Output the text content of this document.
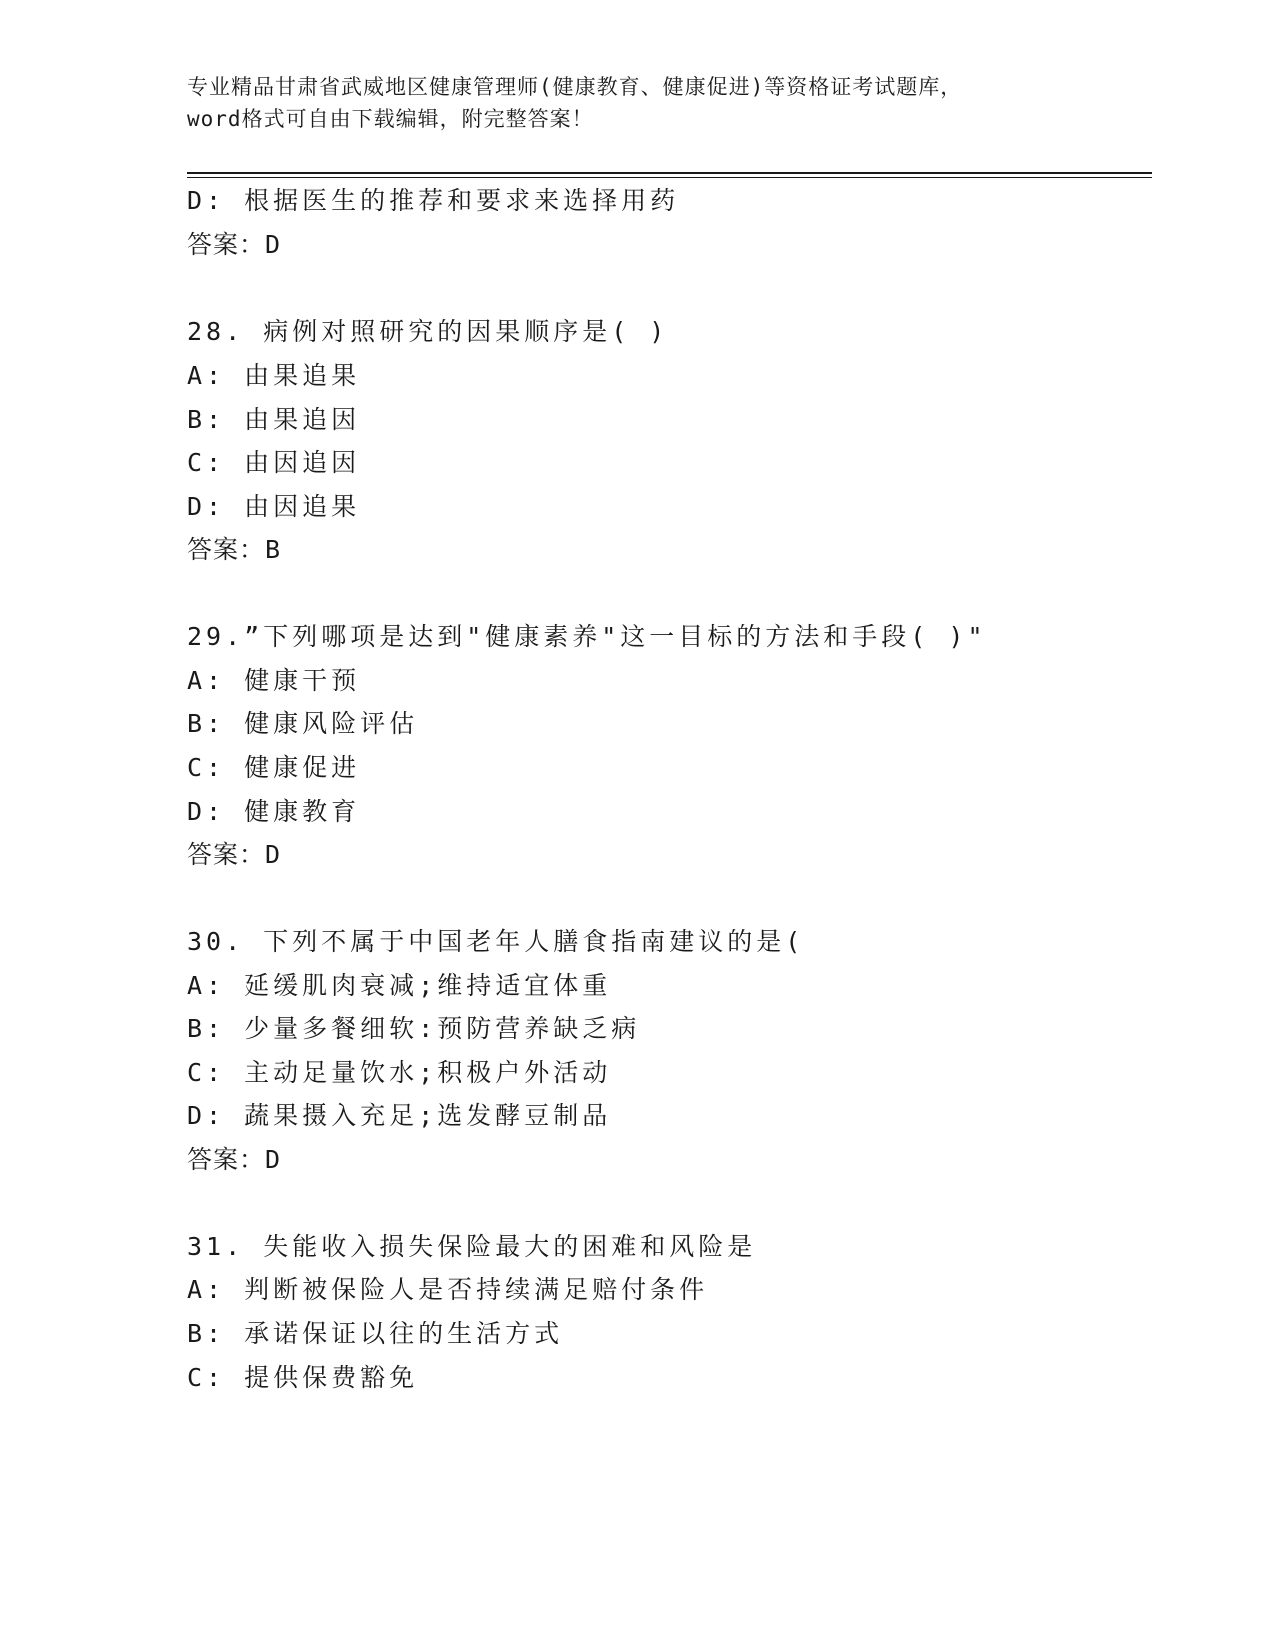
专业精品甘肃省武威地区健康管理师(健康教育、健康促进)等资格证考试题库，
word格式可自由下载编辑，附完整答案！
D: 根据医生的推荐和要求来选择用药
答案：D
28. 病例对照研究的因果顺序是( )
A: 由果追果
B: 由果追因
C: 由因追因
D: 由因追果
答案：B
29.”下列哪项是达到"健康素养"这一目标的方法和手段( )"
A: 健康干预
B: 健康风险评估
C: 健康促进
D: 健康教育
答案：D
30. 下列不属于中国老年人膳食指南建议的是(
A: 延缓肌肉衰减;维持适宜体重
B: 少量多餐细软:预防营养缺乏病
C: 主动足量饮水;积极户外活动
D: 蔬果摄入充足;选发酵豆制品
答案：D
31. 失能收入损失保险最大的困难和风险是
A: 判断被保险人是否持续满足赔付条件
B: 承诺保证以往的生活方式
C: 提供保费豁免
